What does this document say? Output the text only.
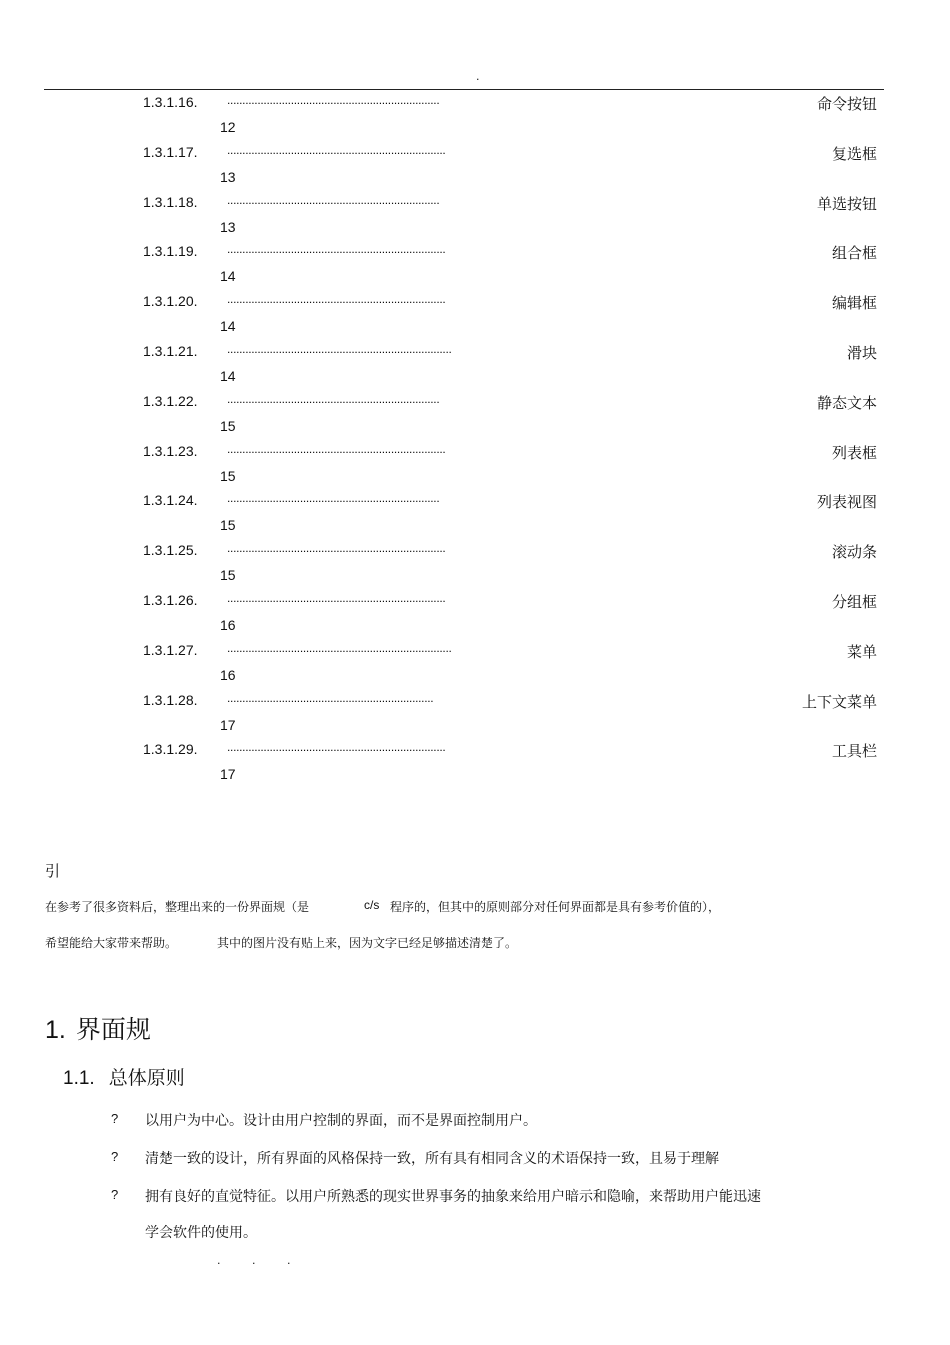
.
1.3.1.16. ......................................................................	命令按钮
12
1.3.1.17. ........................................................................	复选框
13
1.3.1.18. ......................................................................	单选按钮
13
1.3.1.19. ........................................................................	组合框
14
1.3.1.20. ........................................................................	编辑框
14
1.3.1.21. ..........................................................................	滑块
14
1.3.1.22. ......................................................................	静态文本
15
1.3.1.23. ........................................................................	列表框
15
1.3.1.24. ......................................................................	列表视图
15
1.3.1.25. ........................................................................	滚动条
15
1.3.1.26. ........................................................................	分组框
16
1.3.1.27. ..........................................................................	菜单
16
1.3.1.28. ....................................................................	上下文菜单
17
1.3.1.29. ........................................................................	工具栏
17
引
在参考了很多资料后，整理出来的一份界面规（是	c/s 程序的，但其中的原则部分对任何界面都是具有参考价值的），
希望能给大家带来帮助。	其中的图片没有贴上来，因为文字已经足够描述清楚了。
1. 界面规
1.1. 总体原则
? 以用户为中心。设计由用户控制的界面，而不是界面控制用户。
? 清楚一致的设计，所有界面的风格保持一致，所有具有相同含义的术语保持一致，且易于理解
? 拥有良好的直觉特征。以用户所熟悉的现实世界事务的抽象来给用户暗示和隐喻，来帮助用户能迅速
学会软件的使用。
. . .
